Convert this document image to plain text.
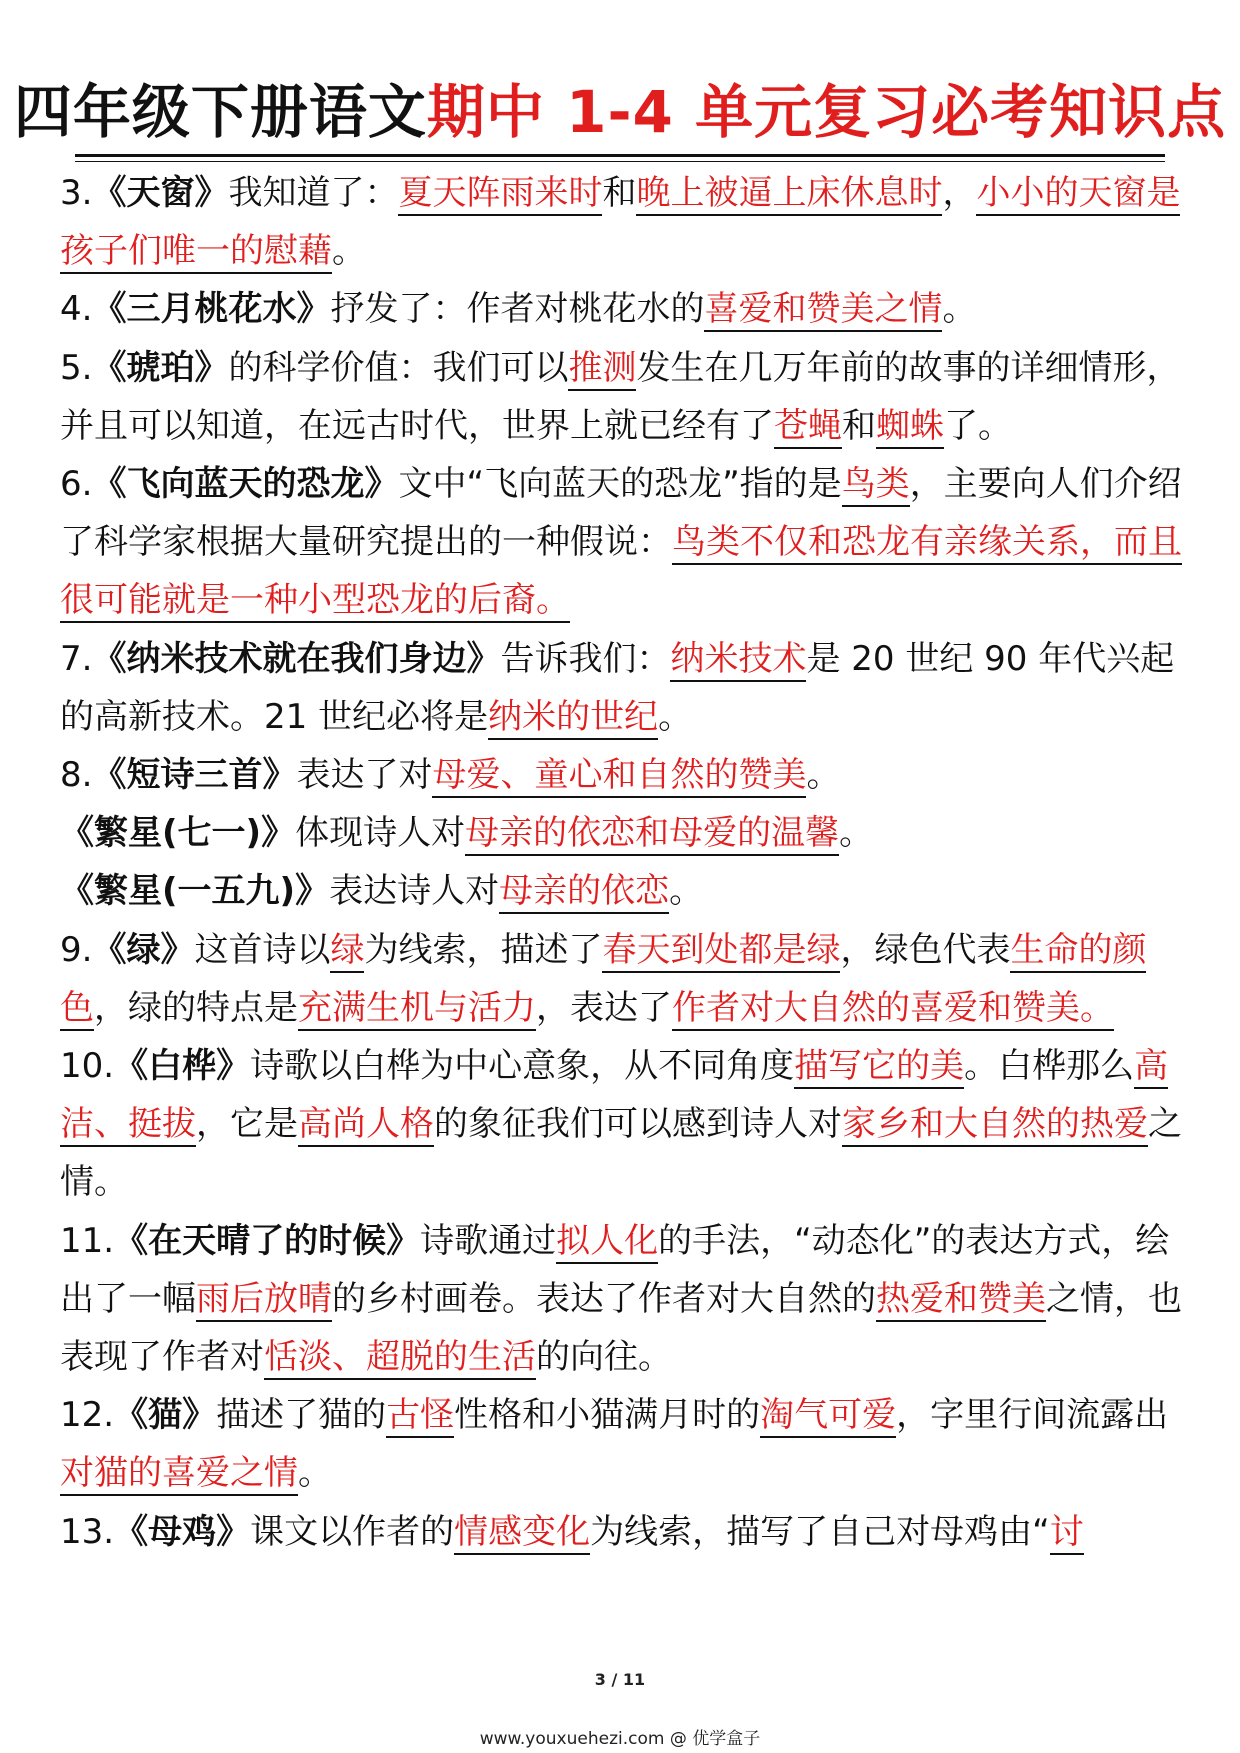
四年级下册语文期中 1-4 单元复习必考知识点

3.《天窗》我知道了：夏天阵雨来时和晚上被逼上床休息时，小小的天窗是孩子们唯一的慰藉。

4.《三月桃花水》抒发了：作者对桃花水的喜爱和赞美之情。

5.《琥珀》的科学价值：我们可以推测发生在几万年前的故事的详细情形，并且可以知道，在远古时代，世界上就已经有了苍蝇和蜘蛛了。

6.《飞向蓝天的恐龙》文中“飞向蓝天的恐龙”指的是鸟类，主要向人们介绍了科学家根据大量研究提出的一种假说：鸟类不仅和恐龙有亲缘关系，而且很可能就是一种小型恐龙的后裔。

7.《纳米技术就在我们身边》告诉我们：纳米技术是 20 世纪 90 年代兴起的高新技术。21 世纪必将是纳米的世纪。

8.《短诗三首》表达了对母爱、童心和自然的赞美。

《繁星(七一)》体现诗人对母亲的依恋和母爱的温馨。

《繁星(一五九)》表达诗人对母亲的依恋。

9.《绿》这首诗以绿为线索，描述了春天到处都是绿，绿色代表生命的颜色，绿的特点是充满生机与活力，表达了作者对大自然的喜爱和赞美。

10.《白桦》诗歌以白桦为中心意象，从不同角度描写它的美。白桦那么高洁、挺拔，它是高尚人格的象征我们可以感到诗人对家乡和大自然的热爱之情。

11.《在天晴了的时候》诗歌通过拟人化的手法，“动态化”的表达方式，绘出了一幅雨后放晴的乡村画卷。表达了作者对大自然的热爱和赞美之情，也表现了作者对恬淡、超脱的生活的向往。

12.《猫》描述了猫的古怪性格和小猫满月时的淘气可爱，字里行间流露出对猫的喜爱之情。

13.《母鸡》课文以作者的情感变化为线索，描写了自己对母鸡由“讨

3 / 11
www.youxuehezi.com @ 优学盒子
